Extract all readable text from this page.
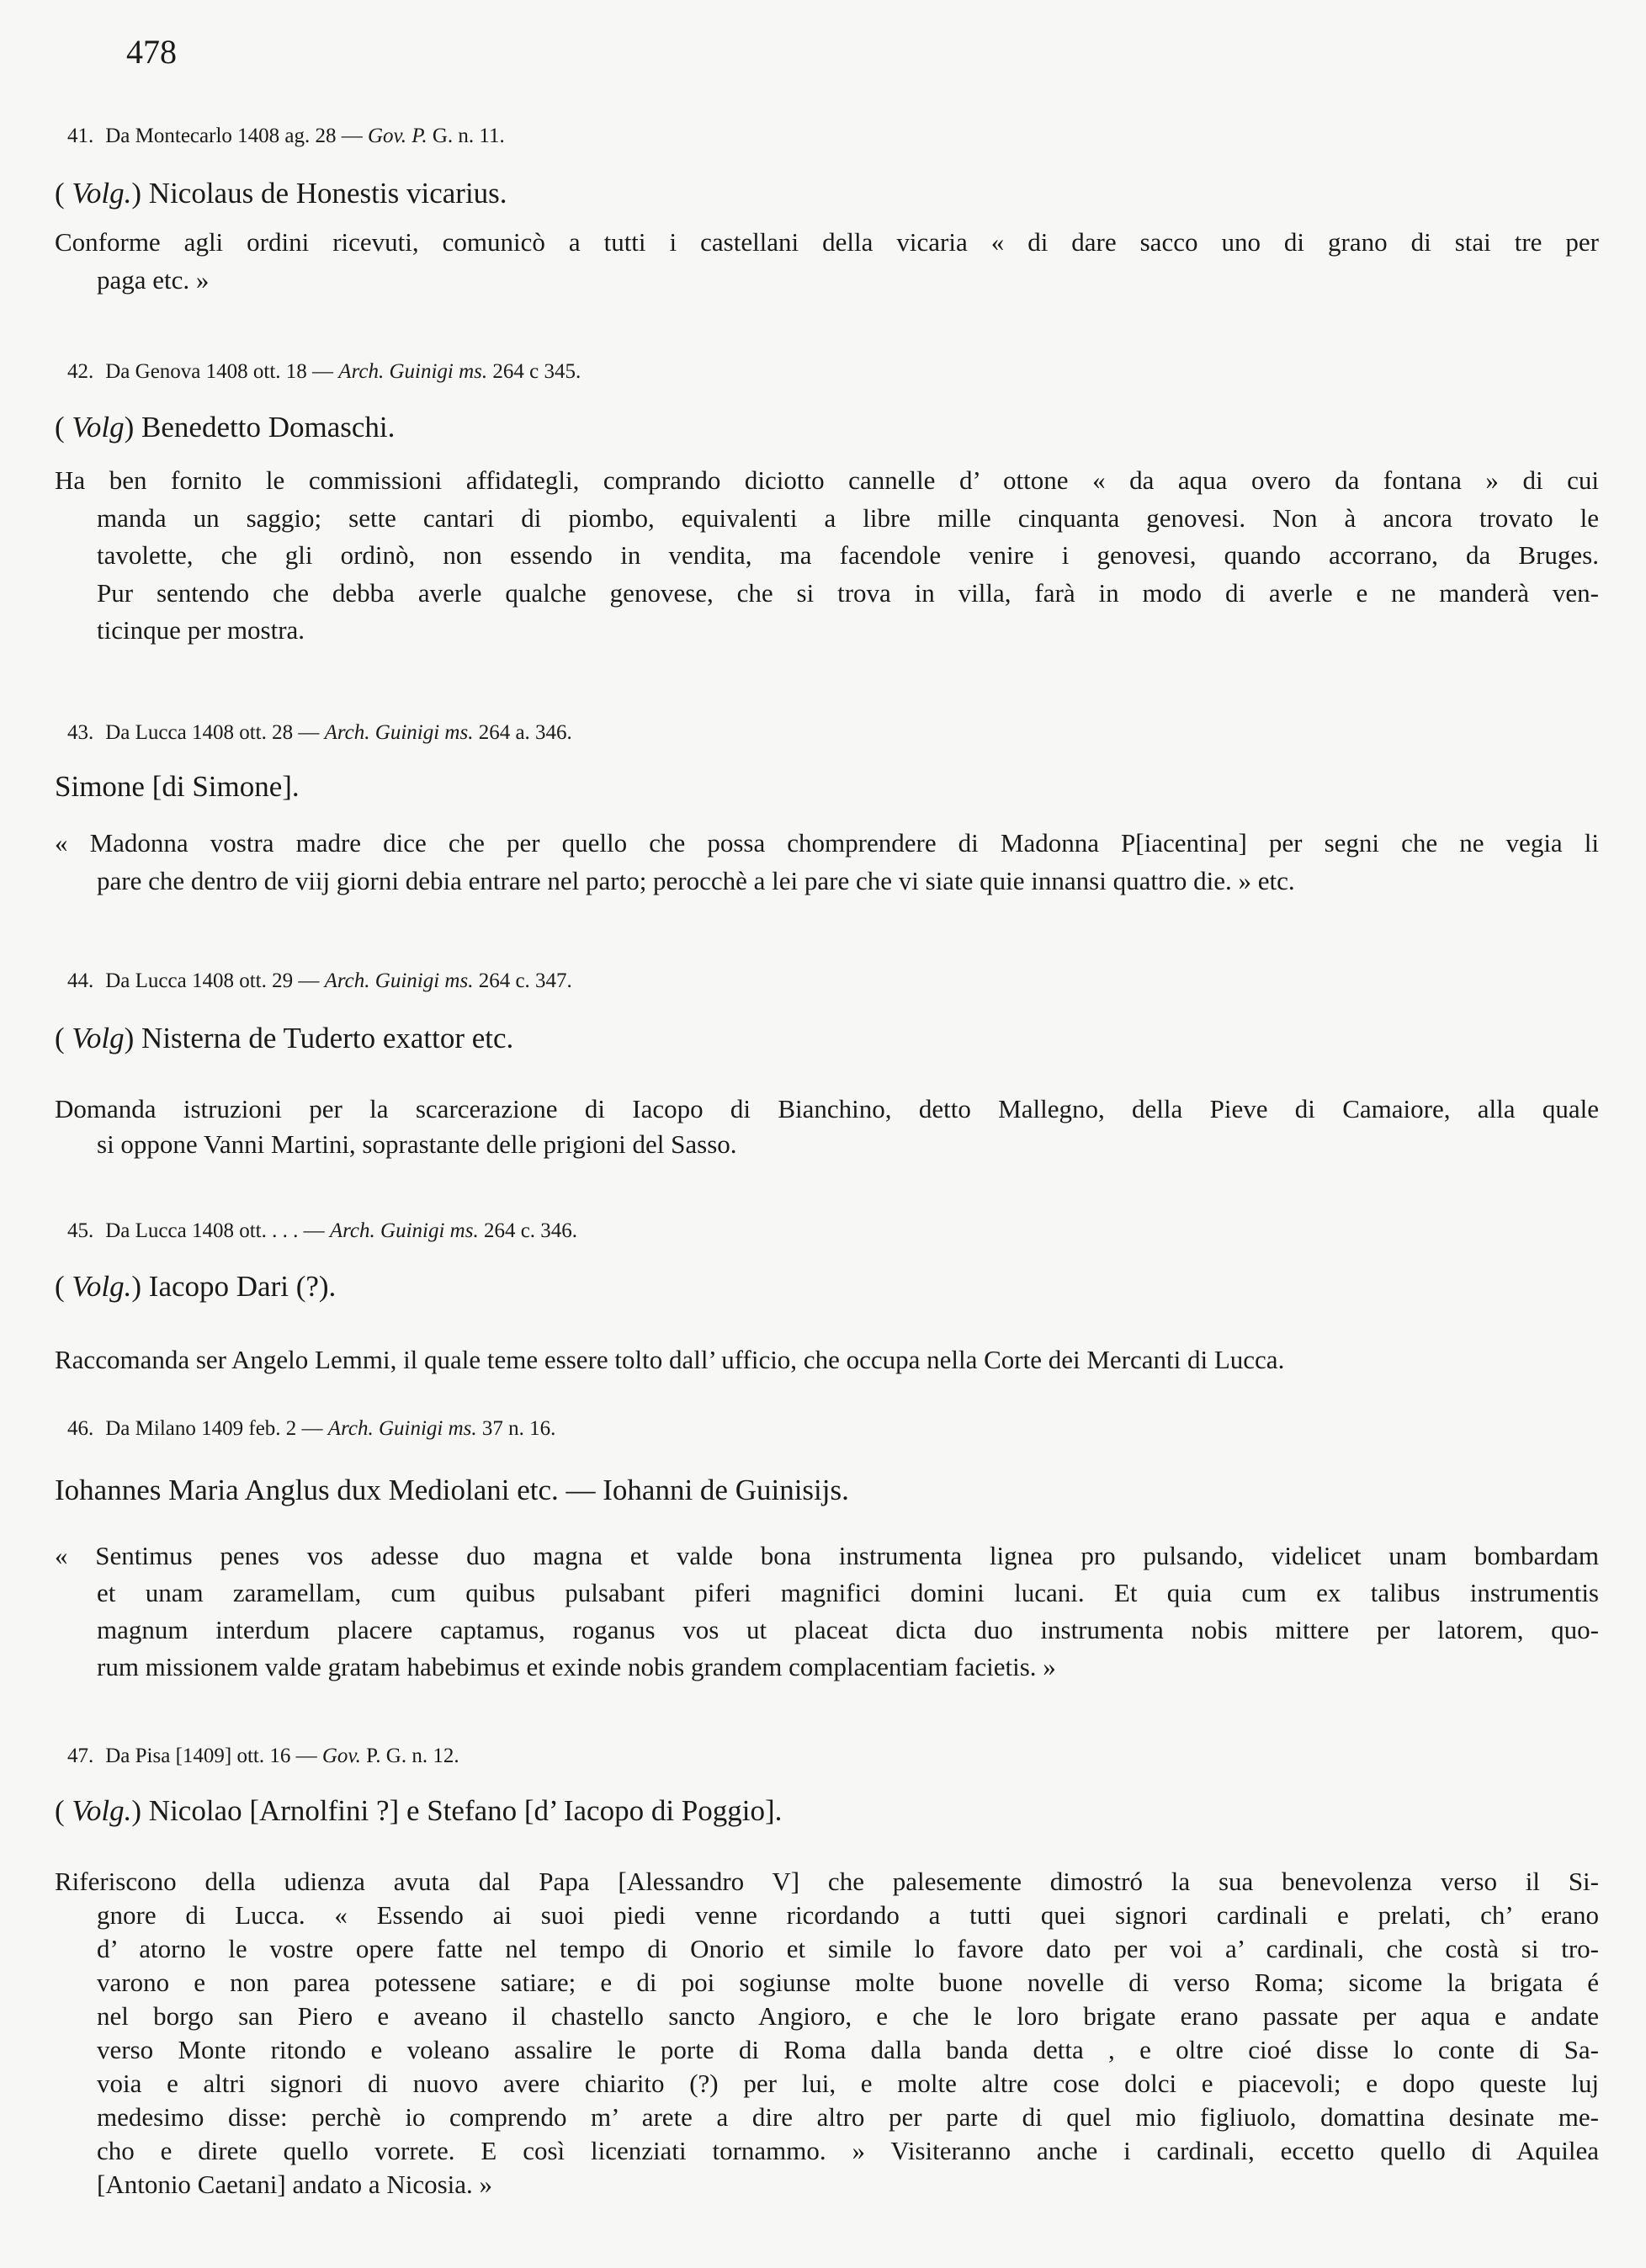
478
41. Da Montecarlo 1408 ag. 28 — Gov. P. G. n. 11.
( Volg.) Nicolaus de Honestis vicarius.
Conforme agli ordini ricevuti, comunicò a tutti i castellani della vicaria « di dare sacco uno di grano di stai tre per
paga etc. »
42. Da Genova 1408 ott. 18 — Arch. Guinigi ms. 264 c 345.
( Volg) Benedetto Domaschi.
Ha ben fornito le commissioni affidategli, comprando diciotto cannelle d’ ottone « da aqua overo da fontana » di cui
manda un saggio; sette cantari di piombo, equivalenti a libre mille cinquanta genovesi. Non à ancora trovato le
tavolette, che gli ordinò, non essendo in vendita, ma facendole venire i genovesi, quando accorrano, da Bruges.
Pur sentendo che debba averle qualche genovese, che si trova in villa, farà in modo di averle e ne manderà ven-
ticinque per mostra.
43. Da Lucca 1408 ott. 28 — Arch. Guinigi ms. 264 a. 346.
Simone [di Simone].
« Madonna vostra madre dice che per quello che possa chomprendere di Madonna P[iacentina] per segni che ne vegia li
pare che dentro de viij giorni debia entrare nel parto; perocchè a lei pare che vi siate quie innansi quattro die. » etc.
44. Da Lucca 1408 ott. 29 — Arch. Guinigi ms. 264 c. 347.
( Volg) Nisterna de Tuderto exattor etc.
Domanda istruzioni per la scarcerazione di Iacopo di Bianchino, detto Mallegno, della Pieve di Camaiore, alla quale
si oppone Vanni Martini, soprastante delle prigioni del Sasso.
45. Da Lucca 1408 ott. . . . — Arch. Guinigi ms. 264 c. 346.
( Volg.) Iacopo Dari (?).
Raccomanda ser Angelo Lemmi, il quale teme essere tolto dall’ ufficio, che occupa nella Corte dei Mercanti di Lucca.
46. Da Milano 1409 feb. 2 — Arch. Guinigi ms. 37 n. 16.
Iohannes Maria Anglus dux Mediolani etc. — Iohanni de Guinisijs.
« Sentimus penes vos adesse duo magna et valde bona instrumenta lignea pro pulsando, videlicet unam bombardam
et unam zaramellam, cum quibus pulsabant piferi magnifici domini lucani. Et quia cum ex talibus instrumentis
magnum interdum placere captamus, roganus vos ut placeat dicta duo instrumenta nobis mittere per latorem, quo-
rum missionem valde gratam habebimus et exinde nobis grandem complacentiam facietis. »
47. Da Pisa [1409] ott. 16 — Gov. P. G. n. 12.
( Volg.) Nicolao [Arnolfini ?] e Stefano [d’ Iacopo di Poggio].
Riferiscono della udienza avuta dal Papa [Alessandro V] che palesemente dimostró la sua benevolenza verso il Si-
gnore di Lucca. « Essendo ai suoi piedi venne ricordando a tutti quei signori cardinali e prelati, ch’ erano
d’ atorno le vostre opere fatte nel tempo di Onorio et simile lo favore dato per voi a’ cardinali, che costà si tro-
varono e non parea potessene satiare; e di poi sogiunse molte buone novelle di verso Roma; sicome la brigata é
nel borgo san Piero e aveano il chastello sancto Angioro, e che le loro brigate erano passate per aqua e andate
verso Monte ritondo e voleano assalire le porte di Roma dalla banda detta , e oltre cioé disse lo conte di Sa-
voia e altri signori di nuovo avere chiarito (?) per lui, e molte altre cose dolci e piacevoli; e dopo queste luj
medesimo disse: perchè io comprendo m’ arete a dire altro per parte di quel mio figliuolo, domattina desinate me-
cho e direte quello vorrete. E così licenziati tornammo. » Visiteranno anche i cardinali, eccetto quello di Aquilea
[Antonio Caetani] andato a Nicosia. »
